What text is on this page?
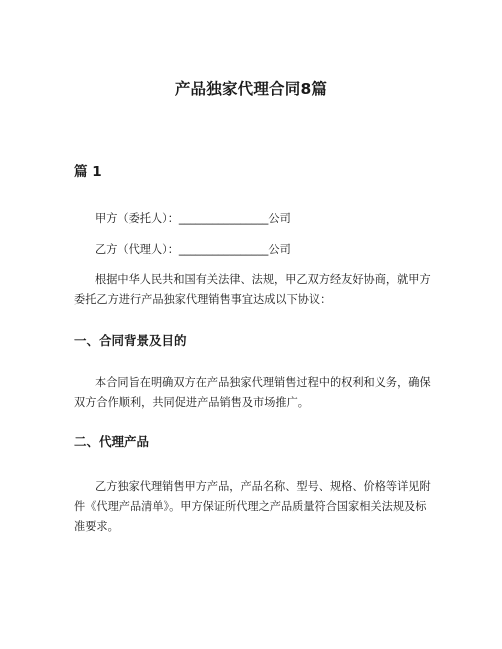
产品独家代理合同8篇
篇 1
甲方（委托人）：________________公司
乙方（代理人）：________________公司
根据中华人民共和国有关法律、法规，甲乙双方经友好协商，就甲方委托乙方进行产品独家代理销售事宜达成以下协议：
一、合同背景及目的
本合同旨在明确双方在产品独家代理销售过程中的权利和义务，确保双方合作顺利，共同促进产品销售及市场推广。
二、代理产品
乙方独家代理销售甲方产品，产品名称、型号、规格、价格等详见附件《代理产品清单》。甲方保证所代理之产品质量符合国家相关法规及标准要求。
